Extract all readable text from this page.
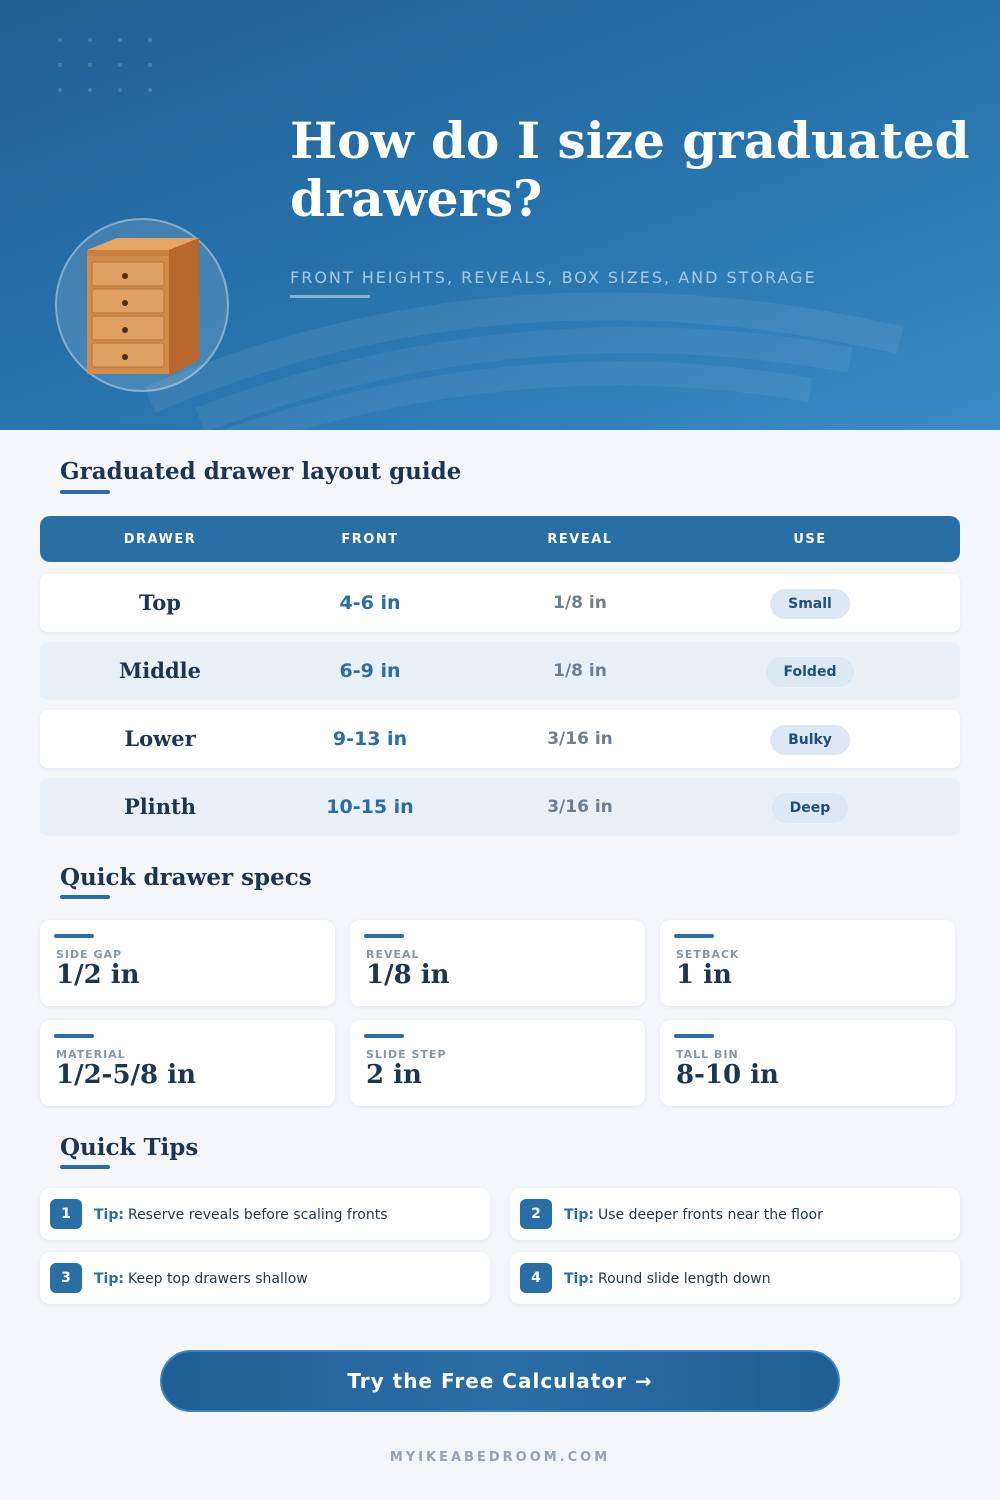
How do I size graduated drawers?
FRONT HEIGHTS, REVEALS, BOX SIZES, AND STORAGE
Graduated drawer layout guide
DRAWER	FRONT	REVEAL	USE
Top	4-6 in	1/8 in	Small
Middle	6-9 in	1/8 in	Folded
Lower	9-13 in	3/16 in	Bulky
Plinth	10-15 in	3/16 in	Deep
Quick drawer specs
SIDE GAP
1/2 in
REVEAL
1/8 in
SETBACK
1 in
MATERIAL
1/2-5/8 in
SLIDE STEP
2 in
TALL BIN
8-10 in
Quick Tips
1	Tip: Reserve reveals before scaling fronts	2	Tip: Use deeper fronts near the floor
3	Tip: Keep top drawers shallow	4	Tip: Round slide length down
Try the Free Calculator →
MYIKEABEDROOM.COM
